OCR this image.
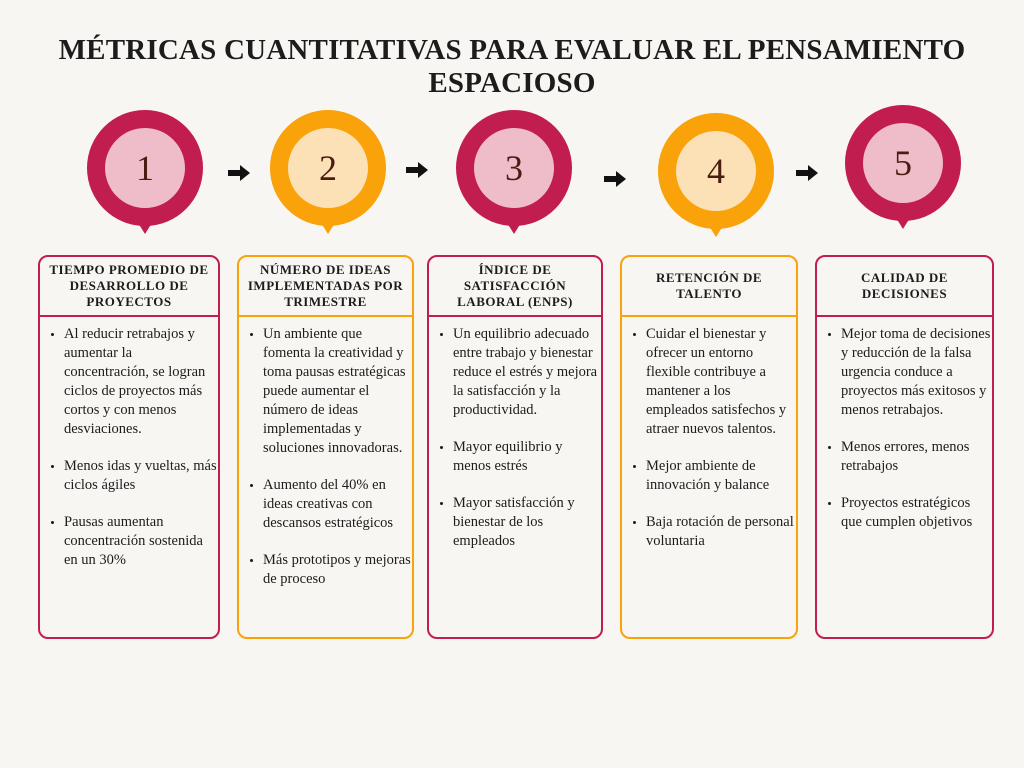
MÉTRICAS CUANTITATIVAS PARA EVALUAR EL PENSAMIENTO
ESPACIOSO
1	2	3	4	5
TIEMPO PROMEDIO DE DESARROLLO DE PROYECTOS
• Al reducir retrabajos y aumentar la concentración, se logran ciclos de proyectos más cortos y con menos desviaciones.
• Menos idas y vueltas, más ciclos ágiles
• Pausas aumentan concentración sostenida en un 30%
NÚMERO DE IDEAS IMPLEMENTADAS POR TRIMESTRE
• Un ambiente que fomenta la creatividad y toma pausas estratégicas puede aumentar el número de ideas implementadas y soluciones innovadoras.
• Aumento del 40% en ideas creativas con descansos estratégicos
• Más prototipos y mejoras de proceso
ÍNDICE DE SATISFACCIÓN LABORAL (ENPS)
• Un equilibrio adecuado entre trabajo y bienestar reduce el estrés y mejora la satisfacción y la productividad.
• Mayor equilibrio y menos estrés
• Mayor satisfacción y bienestar de los empleados
RETENCIÓN DE TALENTO
• Cuidar el bienestar y ofrecer un entorno flexible contribuye a mantener a los empleados satisfechos y atraer nuevos talentos.
• Mejor ambiente de innovación y balance
• Baja rotación de personal voluntaria
CALIDAD DE DECISIONES
• Mejor toma de decisiones y reducción de la falsa urgencia conduce a proyectos más exitosos y menos retrabajos.
• Menos errores, menos retrabajos
• Proyectos estratégicos que cumplen objetivos
